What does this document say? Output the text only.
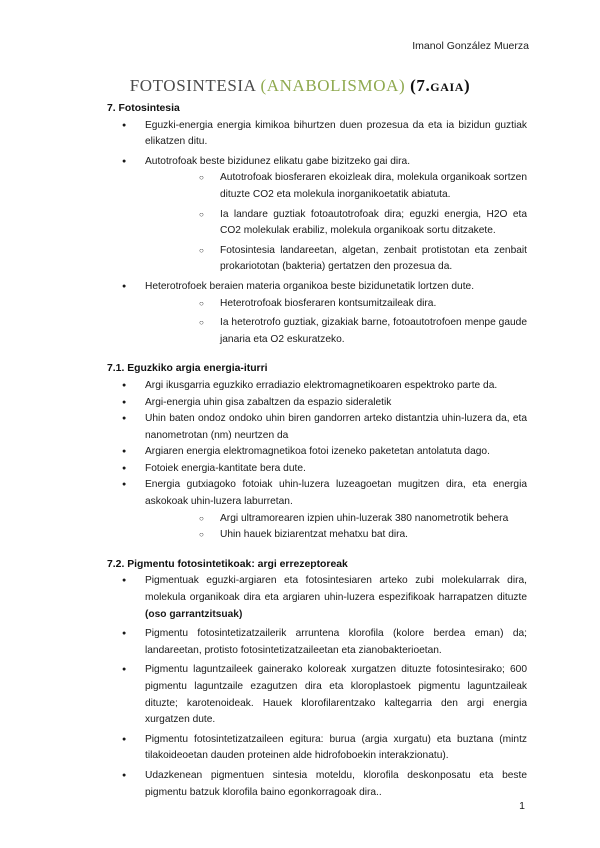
Imanol González Muerza
FOTOSINTESIA (ANABOLISMOA) (7.gaia)
7. Fotosintesia
● Eguzki-energia energia kimikoa bihurtzen duen prozesua da eta ia bizidun guztiak elikatzen ditu.
● Autotrofoak beste bizidunez elikatu gabe bizitzeko gai dira.
○ Autotrofoak biosferaren ekoizleak dira, molekula organikoak sortzen dituzte CO2 eta molekula inorganikoetatik abiatuta.
○ Ia landare guztiak fotoautotrofoak dira; eguzki energia, H2O eta CO2 molekulak erabiliz, molekula organikoak sortu ditzakete.
○ Fotosintesia landareetan, algetan, zenbait protistotan eta zenbait prokariototan (bakteria) gertatzen den prozesua da.
● Heterotrofoek beraien materia organikoa beste bizidunetatik lortzen dute.
○ Heterotrofoak biosferaren kontsumitzaileak dira.
○ Ia heterotrofo guztiak, gizakiak barne, fotoautotrofoen menpe gaude janaria eta O2 eskuratzeko.
7.1. Eguzkiko argia energia-iturri
● Argi ikusgarria eguzkiko erradiazio elektromagnetikoaren espektroko parte da.
● Argi-energia uhin gisa zabaltzen da espazio sideraletik
● Uhin baten ondoz ondoko uhin biren gandorren arteko distantzia uhin-luzera da, eta nanometrotan (nm) neurtzen da
● Argiaren energia elektromagnetikoa fotoi izeneko paketetan antolatuta dago.
● Fotoiek energia-kantitate bera dute.
● Energia gutxiagoko fotoiak uhin-luzera luzeagoetan mugitzen dira, eta energia askokoak uhin-luzera laburretan.
○ Argi ultramorearen izpien uhin-luzerak 380 nanometrotik behera
○ Uhin hauek biziarentzat mehatxu bat dira.
7.2. Pigmentu fotosintetikoak: argi errezeptoreak
● Pigmentuak eguzki-argiaren eta fotosintesiaren arteko zubi molekularrak dira, molekula organikoak dira eta argiaren uhin-luzera espezifikoak harrapatzen dituzte (oso garrantzitsuak)
● Pigmentu fotosintetizatzailerik arruntena klorofila (kolore berdea eman) da; landareetan, protisto fotosintetizatzaileetan eta zianobakterioetan.
● Pigmentu laguntzaileek gainerako koloreak xurgatzen dituzte fotosintesirako; 600 pigmentu laguntzaile ezagutzen dira eta kloroplastoek pigmentu laguntzaileak dituzte; karotenoideak. Hauek klorofilarentzako kaltegarria den argi energia xurgatzen dute.
● Pigmentu fotosintetizatzaileen egitura: burua (argia xurgatu) eta buztana (mintz tilakoideoetan dauden proteinen alde hidrofoboekin interakzionatu).
● Udazkenean pigmentuen sintesia moteldu, klorofila deskonposatu eta beste pigmentu batzuk klorofila baino egonkorragoak dira..
1
